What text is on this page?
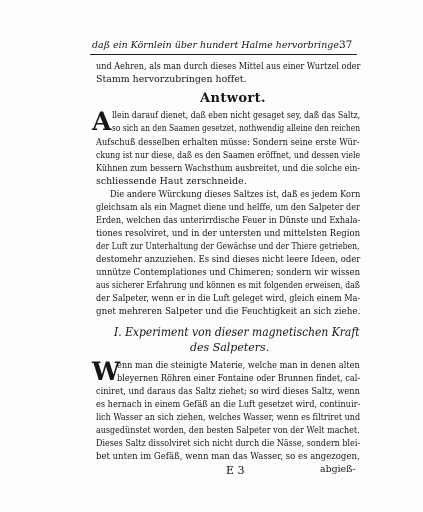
daß ein Körnlein über hundert Halme hervorbringe.
37
und Aehren, als man durch dieses Mittel aus einer Wurtzel oder
Stamm hervorzubringen hoffet.
Antwort.
A llein darauf dienet, daß eben nicht gesaget sey, daß das Saltz,
so sich an den Saamen gesetzet, nothwendig alleine den reichen
Aufschuß desselben erhalten müsse: Sondern seine erste Wür-
ckung ist nur diese, daß es den Saamen eröffnet, und dessen viele
Kühnen zum bessern Wachsthum ausbreitet, und die solche ein-
schliessende Haut zerschneide.
Die andere Würckung dieses Saltzes ist, daß es jedem Korn
gleichsam als ein Magnet diene und helffe, um den Salpeter der
Erden, welchen das unterirrdische Feuer in Dünste und Exhala-
tiones resolviret, und in der untersten und mittelsten Region
der Luft zur Unterhaltung der Gewächse und der Thiere getrieben,
destomehr anzuziehen. Es sind dieses nicht leere Ideen, oder
unnütze Contemplationes und Chimeren; sondern wir wissen
aus sicherer Erfahrung und können es mit folgenden erweisen, daß
der Salpeter, wenn er in die Luft geleget wird, gleich einem Ma-
gnet mehreren Salpeter und die Feuchtigkeit an sich ziehe.
I. Experiment von dieser magnetischen Kraft
des Salpeters.
W
enn man die steinigte Materie, welche man in denen alten
bleyernen Röhren einer Fontaine oder Brunnen findet, cal-
ciniret, und daraus das Saltz ziehet; so wird dieses Saltz, wenn
es hernach in einem Gefäß an die Luft gesetzet wird, continuir-
lich Wasser an sich ziehen, welches Wasser, wenn es filtriret und
ausgedünstet worden, den besten Salpeter von der Welt machet.
Dieses Saltz dissolviret sich nicht durch die Nässe, sondern blei-
bet unten im Gefäß, wenn man das Wasser, so es angezogen,
E 3	abgieß-
